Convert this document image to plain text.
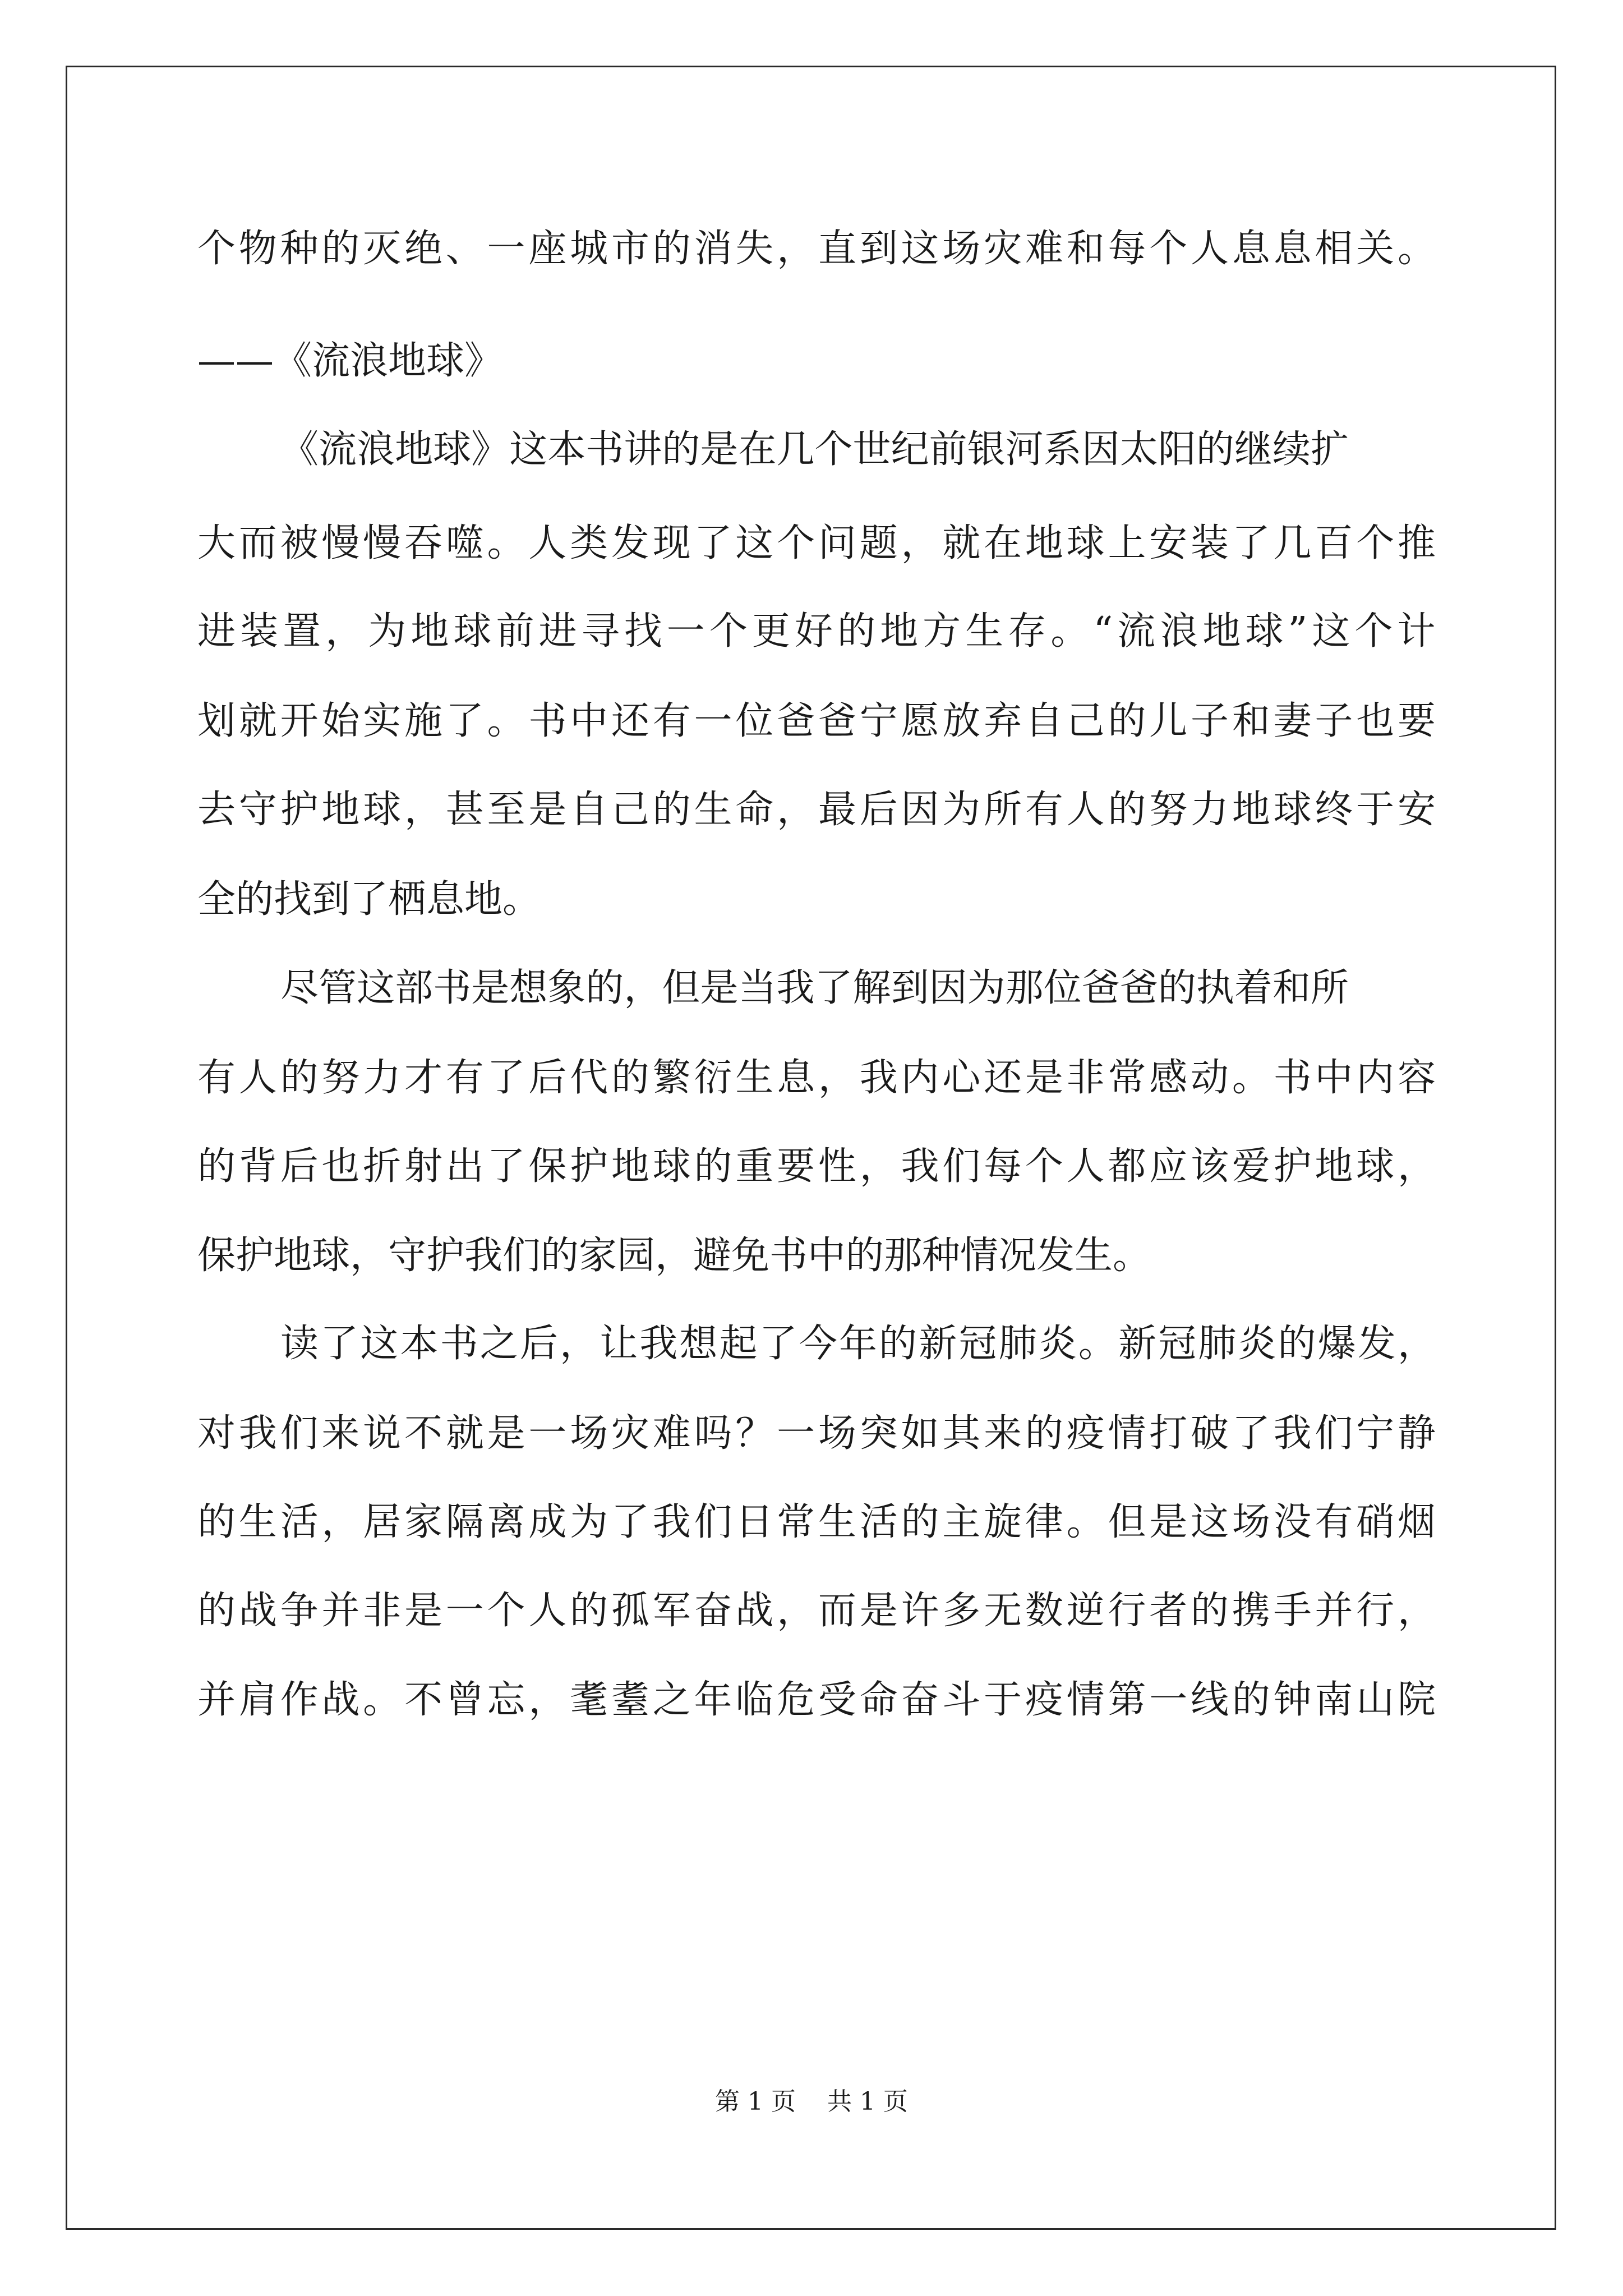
个物种的灭绝、一座城市的消失，直到这场灾难和每个人息息相关。
——《流浪地球》
《流浪地球》这本书讲的是在几个世纪前银河系因太阳的继续扩
大而被慢慢吞噬。人类发现了这个问题，就在地球上安装了几百个推
进装置，为地球前进寻找一个更好的地方生存。“流浪地球”这个计
划就开始实施了。书中还有一位爸爸宁愿放弃自己的儿子和妻子也要
去守护地球，甚至是自己的生命，最后因为所有人的努力地球终于安
全的找到了栖息地。
尽管这部书是想象的，但是当我了解到因为那位爸爸的执着和所
有人的努力才有了后代的繁衍生息，我内心还是非常感动。书中内容
的背后也折射出了保护地球的重要性，我们每个人都应该爱护地球，
保护地球，守护我们的家园，避免书中的那种情况发生。
读了这本书之后，让我想起了今年的新冠肺炎。新冠肺炎的爆发，
对我们来说不就是一场灾难吗？一场突如其来的疫情打破了我们宁静
的生活，居家隔离成为了我们日常生活的主旋律。但是这场没有硝烟
的战争并非是一个人的孤军奋战，而是许多无数逆行者的携手并行，
并肩作战。不曾忘，耄耋之年临危受命奋斗于疫情第一线的钟南山院
第 1 页    共 1 页
